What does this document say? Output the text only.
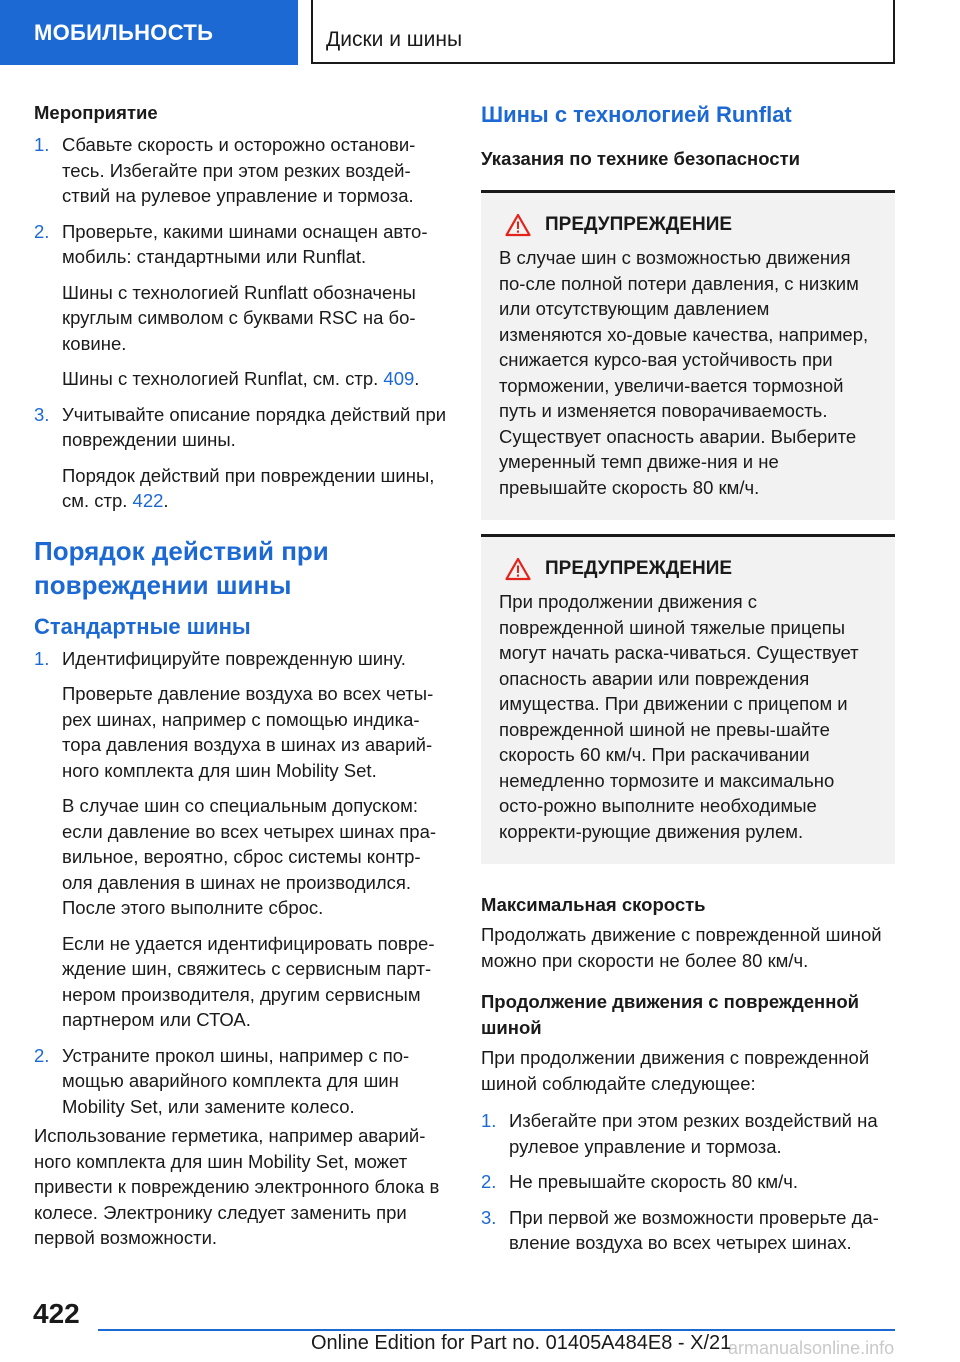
МОБИЛЬНОСТЬ	Диски и шины

Мероприятие

1. Сбавьте скорость и осторожно останови-тесь. Избегайте при этом резких воздей-ствий на рулевое управление и тормоза.

2. Проверьте, какими шинами оснащен авто-мобиль: стандартными или Runflat.

Шины с технологией Runflatt обозначены круглым символом с буквами RSC на бо-ковине.

Шины с технологией Runflat, см. стр. 409.

3. Учитывайте описание порядка действий при повреждении шины.

Порядок действий при повреждении шины, см. стр. 422.

Порядок действий при повреждении шины
Стандартные шины
1. Идентифицируйте поврежденную шину.

Проверьте давление воздуха во всех четы-рех шинах, например с помощью индика-тора давления воздуха в шинах из аварий-ного комплекта для шин Mobility Set.

В случае шин со специальным допуском: если давление во всех четырех шинах пра-вильное, вероятно, сброс системы контр-оля давления в шинах не производился. После этого выполните сброс.

Если не удается идентифицировать повре-ждение шин, свяжитесь с сервисным парт-нером производителя, другим сервисным партнером или СТОА.

2. Устраните прокол шины, например с по-мощью аварийного комплекта для шин Mobility Set, или замените колесо.

Использование герметика, например аварий-ного комплекта для шин Mobility Set, может привести к повреждению электронного блока в колесе. Электронику следует заменить при первой возможности.

Шины с технологией Runflat

Указания по технике безопасности

ПРЕДУПРЕЖДЕНИЕ

В случае шин с возможностью движения по-сле полной потери давления, с низким или отсутствующим давлением изменяются хо-довые качества, например, снижается курсо-вая устойчивость при торможении, увеличи-вается тормозной путь и изменяется поворачиваемость. Существует опасность аварии. Выберите умеренный темп движе-ния и не превышайте скорость 80 км/ч.

ПРЕДУПРЕЖДЕНИЕ

При продолжении движения с поврежденной шиной тяжелые прицепы могут начать раска-чиваться. Существует опасность аварии или повреждения имущества. При движении с прицепом и поврежденной шиной не превы-шайте скорость 60 км/ч. При раскачивании немедленно тормозите и максимально осто-рожно выполните необходимые корректи-рующие движения рулем.

Максимальная скорость

Продолжать движение с поврежденной шиной можно при скорости не более 80 км/ч.

Продолжение движения с поврежденной шиной

При продолжении движения с поврежденной шиной соблюдайте следующее:

1. Избегайте при этом резких воздействий на рулевое управление и тормоза.

2. Не превышайте скорость 80 км/ч.

3. При первой же возможности проверьте да-вление воздуха во всех четырех шинах.

422
Online Edition for Part no. 01405A484E8 - X/21
armanualsonline.info
